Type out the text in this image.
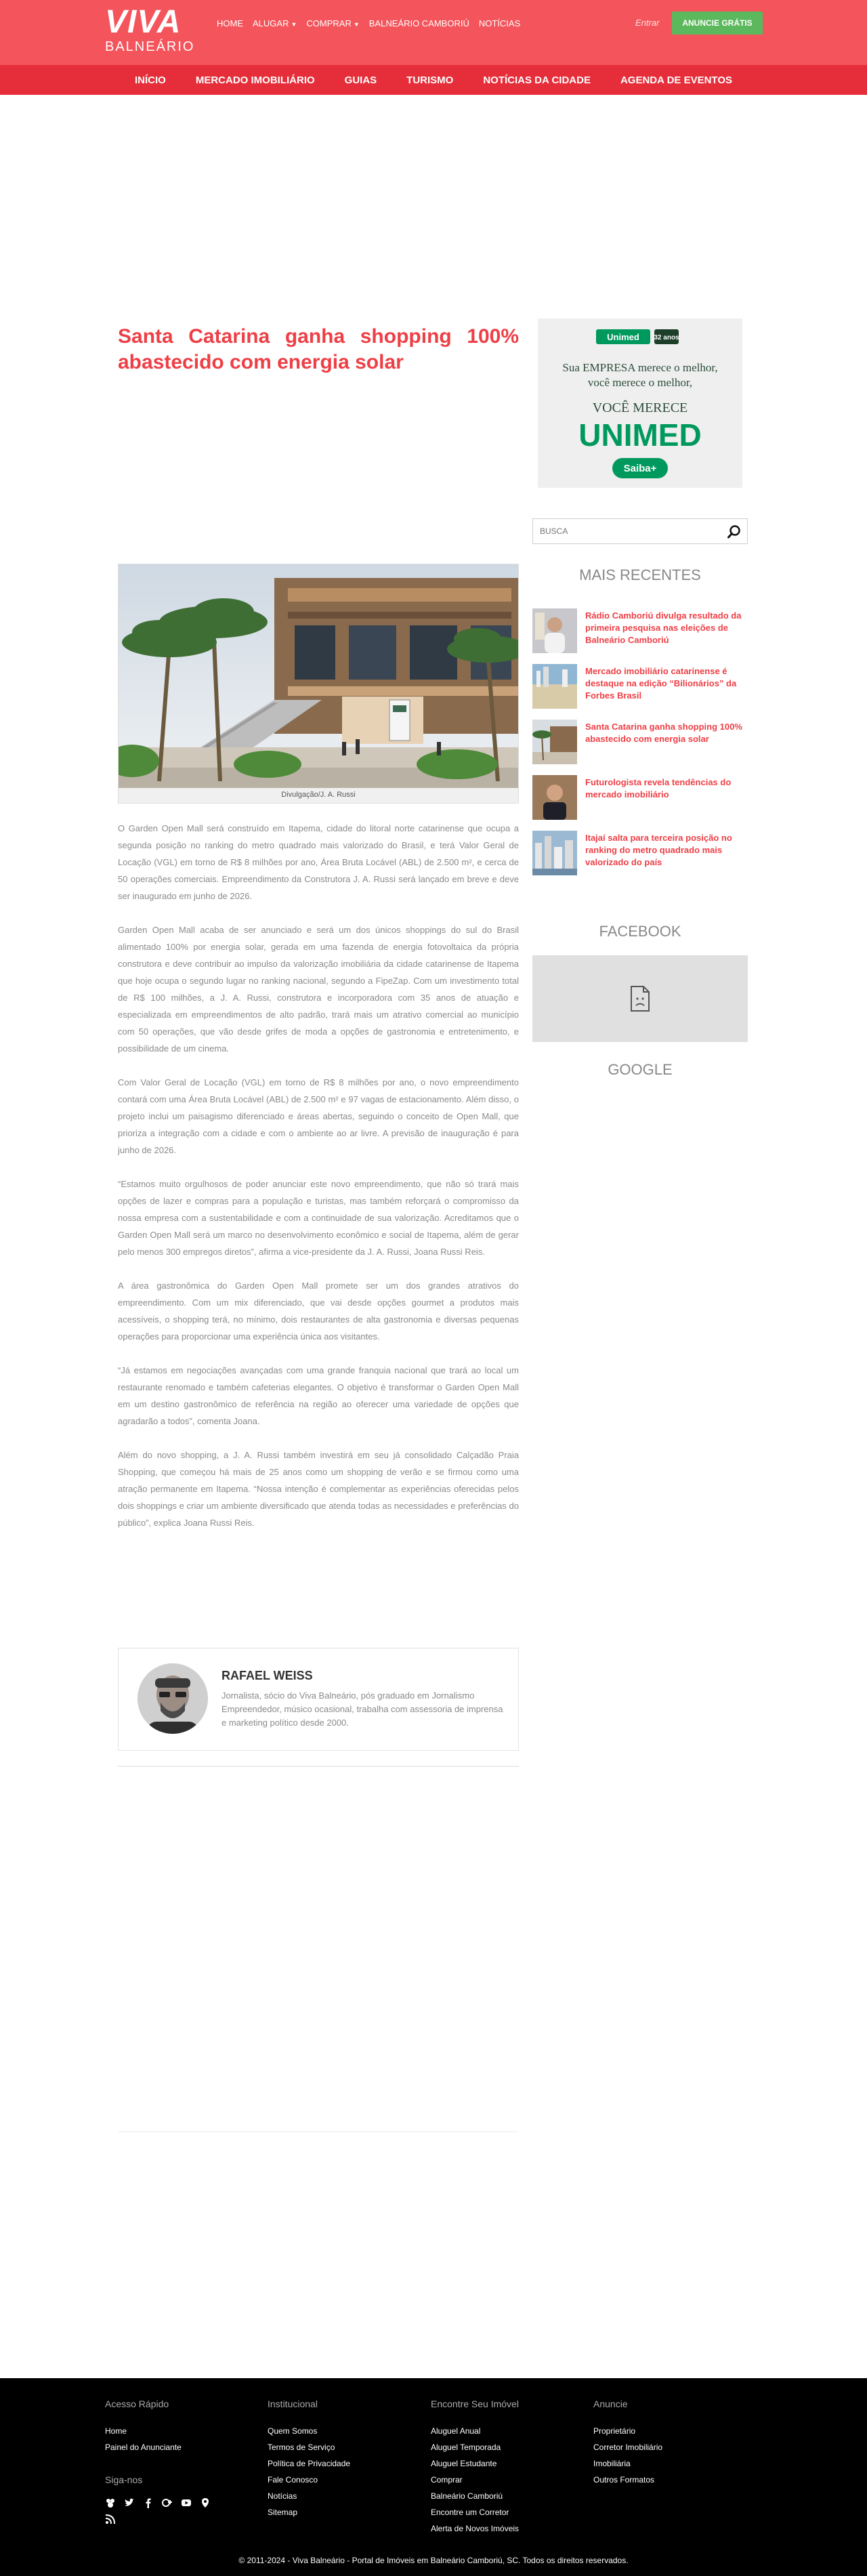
VIVA
BALNEÁRIO
HOME ALUGAR ▼ COMPRAR ▼ BALNEÁRIO CAMBORIÚ NOTÍCIAS	Entrar	ANUNCIE GRÁTIS
INÍCIO	MERCADO IMOBILIÁRIO	GUIAS	TURISMO	NOTÍCIAS DA CIDADE	AGENDA DE EVENTOS
Santa Catarina ganha shopping 100% abastecido com energia solar
Divulgação/J. A. Russi

O Garden Open Mall será construído em Itapema, cidade do litoral norte catarinense que ocupa a segunda posição no ranking do metro quadrado mais valorizado do Brasil, e terá Valor Geral de Locação (VGL) em torno de R$ 8 milhões por ano, Área Bruta Locável (ABL) de 2.500 m², e cerca de 50 operações comerciais. Empreendimento da Construtora J. A. Russi será lançado em breve e deve ser inaugurado em junho de 2026.

Garden Open Mall acaba de ser anunciado e será um dos únicos shoppings do sul do Brasil alimentado 100% por energia solar, gerada em uma fazenda de energia fotovoltaica da própria construtora e deve contribuir ao impulso da valorização imobiliária da cidade catarinense de Itapema que hoje ocupa o segundo lugar no ranking nacional, segundo a FipeZap. Com um investimento total de R$ 100 milhões, a J. A. Russi, construtora e incorporadora com 35 anos de atuação e especializada em empreendimentos de alto padrão, trará mais um atrativo comercial ao município com 50 operações, que vão desde grifes de moda a opções de gastronomia e entretenimento, e possibilidade de um cinema.

Com Valor Geral de Locação (VGL) em torno de R$ 8 milhões por ano, o novo empreendimento contará com uma Área Bruta Locável (ABL) de 2.500 m² e 97 vagas de estacionamento. Além disso, o projeto inclui um paisagismo diferenciado e áreas abertas, seguindo o conceito de Open Mall, que prioriza a integração com a cidade e com o ambiente ao ar livre. A previsão de inauguração é para junho de 2026.

“Estamos muito orgulhosos de poder anunciar este novo empreendimento, que não só trará mais opções de lazer e compras para a população e turistas, mas também reforçará o compromisso da nossa empresa com a sustentabilidade e com a continuidade de sua valorização. Acreditamos que o Garden Open Mall será um marco no desenvolvimento econômico e social de Itapema, além de gerar pelo menos 300 empregos diretos”, afirma a vice-presidente da J. A. Russi, Joana Russi Reis.

A área gastronômica do Garden Open Mall promete ser um dos grandes atrativos do empreendimento. Com um mix diferenciado, que vai desde opções gourmet a produtos mais acessíveis, o shopping terá, no mínimo, dois restaurantes de alta gastronomia e diversas pequenas operações para proporcionar uma experiência única aos visitantes.

“Já estamos em negociações avançadas com uma grande franquia nacional que trará ao local um restaurante renomado e também cafeterias elegantes. O objetivo é transformar o Garden Open Mall em um destino gastronômico de referência na região ao oferecer uma variedade de opções que agradarão a todos”, comenta Joana.

Além do novo shopping, a J. A. Russi também investirá em seu já consolidado Calçadão Praia Shopping, que começou há mais de 25 anos como um shopping de verão e se firmou como uma atração permanente em Itapema. “Nossa intenção é complementar as experiências oferecidas pelos dois shoppings e criar um ambiente diversificado que atenda todas as necessidades e preferências do público”, explica Joana Russi Reis.

RAFAEL WEISS
Jornalista, sócio do Viva Balneário, pós graduado em Jornalismo Empreendedor, músico ocasional, trabalha com assessoria de imprensa e marketing político desde 2000.
Unimed 32 anos
Sua EMPRESA merece o melhor,
você merece o melhor,
VOCÊ MERECE
UNIMED
Saiba+
BUSCA
MAIS RECENTES
Rádio Camboriú divulga resultado da primeira pesquisa nas eleições de Balneário Camboriú
Mercado imobiliário catarinense é destaque na edição “Bilionários” da Forbes Brasil
Santa Catarina ganha shopping 100% abastecido com energia solar
Futurologista revela tendências do mercado imobiliário
Itajaí salta para terceira posição no ranking do metro quadrado mais valorizado do país
FACEBOOK
GOOGLE
Acesso Rápido
Home
Painel do Anunciante
Institucional
Quem Somos
Termos de Serviço
Política de Privacidade
Fale Conosco
Notícias
Sitemap
Encontre Seu Imóvel
Aluguel Anual
Aluguel Temporada
Aluguel Estudante
Comprar
Balneário Camboriú
Encontre um Corretor
Alerta de Novos Imóveis
Anuncie
Proprietário
Corretor Imobiliário
Imobiliária
Outros Formatos
Siga-nos
© 2011-2024 - Viva Balneário - Portal de Imóveis em Balneário Camboriú, SC. Todos os direitos reservados.
